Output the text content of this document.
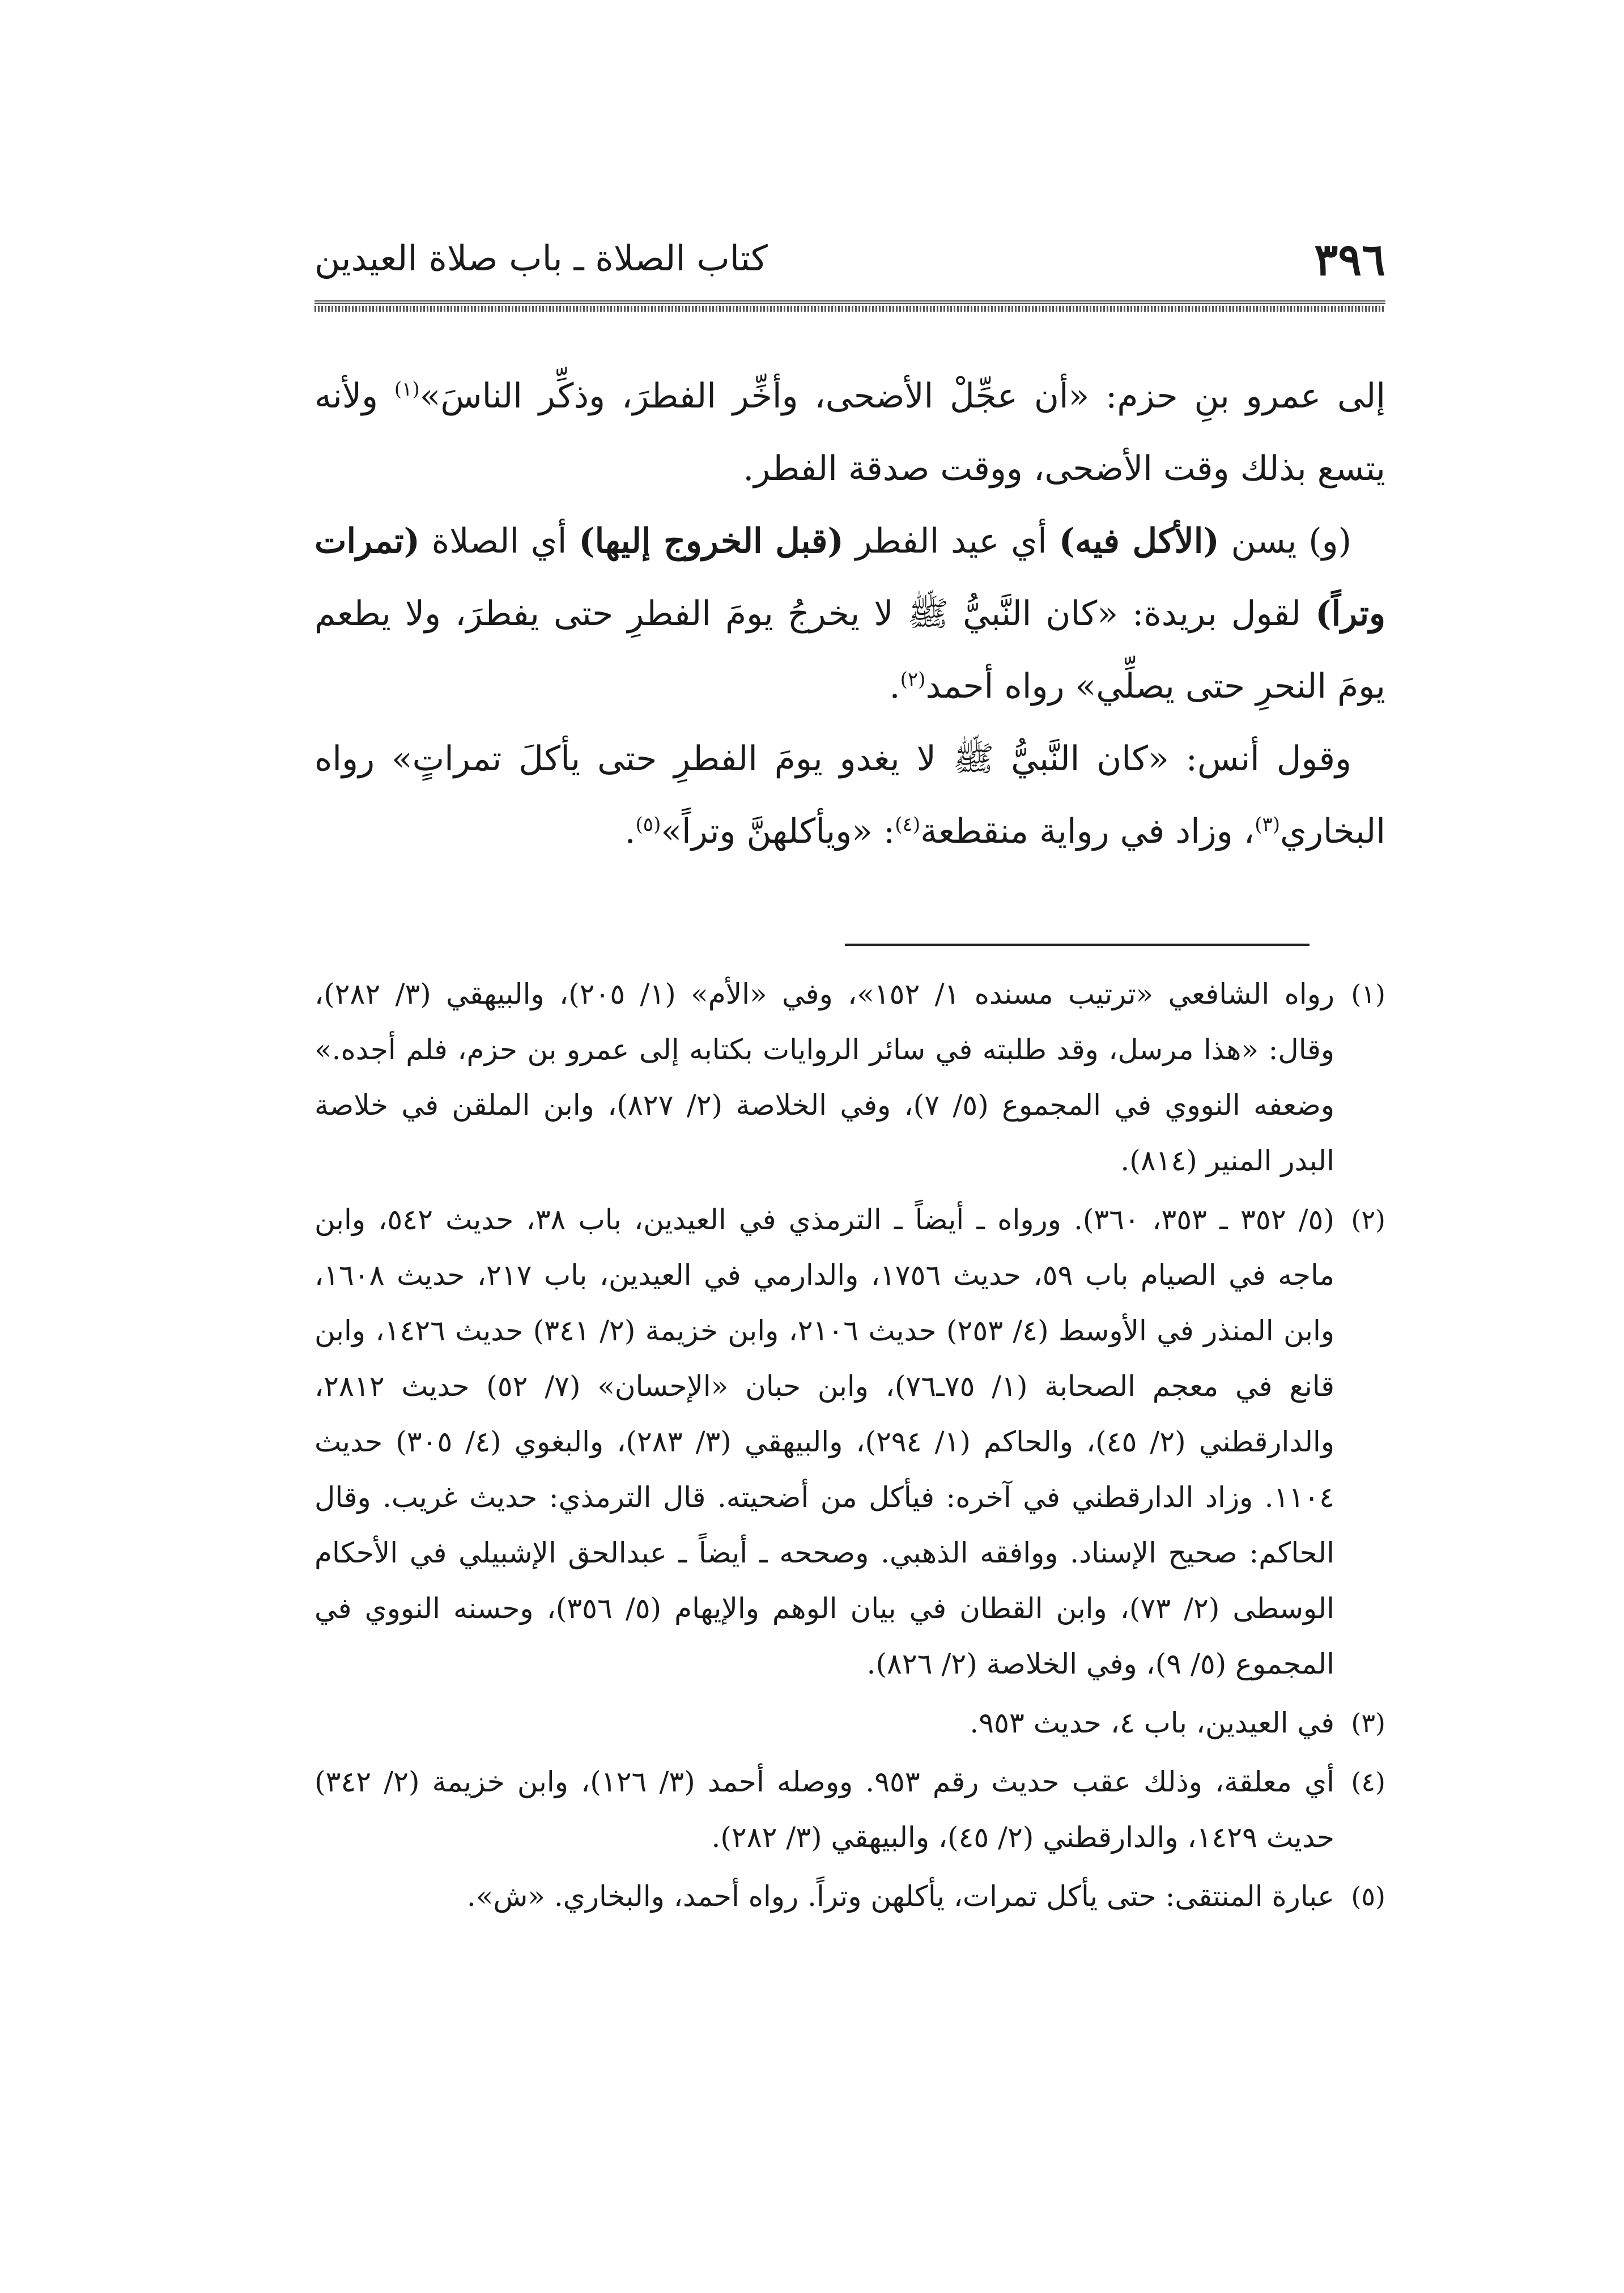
٣٩٦
كتاب الصلاة ـ باب صلاة العيدين

إلى عمرو بنِ حزم: «أن عجِّلْ الأضحى، وأخِّر الفطرَ، وذكِّر الناسَ»$^{(١)}$ ولأنه يتسع بذلك وقت الأضحى، ووقت صدقة الفطر.

(و) يسن (الأكل فيه) أي عيد الفطر (قبل الخروج إليها) أي الصلاة (تمرات وتراً) لقول بريدة: «كان النَّبيُّ ﷺ لا يخرجُ يومَ الفطرِ حتى يفطرَ، ولا يطعم يومَ النحرِ حتى يصلِّي» رواه أحمد$^{(٢)}$.

وقول أنس: «كان النَّبيُّ ﷺ لا يغدو يومَ الفطرِ حتى يأكلَ تمراتٍ» رواه البخاري$^{(٣)}$، وزاد في رواية منقطعة$^{(٤)}$: «ويأكلهنَّ وتراً»$^{(٥)}$.

(١)
رواه الشافعي «ترتيب مسنده ١/ ١٥٢»، وفي «الأم» (١/ ٢٠٥)، والبيهقي (٣/ ٢٨٢)، وقال: «هذا مرسل، وقد طلبته في سائر الروايات بكتابه إلى عمرو بن حزم، فلم أجده.» وضعفه النووي في المجموع (٥/ ٧)، وفي الخلاصة (٢/ ٨٢٧)، وابن الملقن في خلاصة البدر المنير (٨١٤).
(٢)
(٥/ ٣٥٢ ـ ٣٥٣، ٣٦٠). ورواه ـ أيضاً ـ الترمذي في العيدين، باب ٣٨، حديث ٥٤٢، وابن ماجه في الصيام باب ٥٩، حديث ١٧٥٦، والدارمي في العيدين، باب ٢١٧، حديث ١٦٠٨، وابن المنذر في الأوسط (٤/ ٢٥٣) حديث ٢١٠٦، وابن خزيمة (٢/ ٣٤١) حديث ١٤٢٦، وابن قانع في معجم الصحابة (١/ ٧٥ـ٧٦)، وابن حبان «الإحسان» (٧/ ٥٢) حديث ٢٨١٢، والدارقطني (٢/ ٤٥)، والحاكم (١/ ٢٩٤)، والبيهقي (٣/ ٢٨٣)، والبغوي (٤/ ٣٠٥) حديث ١١٠٤. وزاد الدارقطني في آخره: فيأكل من أضحيته. قال الترمذي: حديث غريب. وقال الحاكم: صحيح الإسناد. ووافقه الذهبي. وصححه ـ أيضاً ـ عبدالحق الإشبيلي في الأحكام الوسطى (٢/ ٧٣)، وابن القطان في بيان الوهم والإيهام (٥/ ٣٥٦)، وحسنه النووي في المجموع (٥/ ٩)، وفي الخلاصة (٢/ ٨٢٦).
(٣)
في العيدين، باب ٤، حديث ٩٥٣.
(٤)
أي معلقة، وذلك عقب حديث رقم ٩٥٣. ووصله أحمد (٣/ ١٢٦)، وابن خزيمة (٢/ ٣٤٢) حديث ١٤٢٩، والدارقطني (٢/ ٤٥)، والبيهقي (٣/ ٢٨٢).
(٥)
عبارة المنتقى: حتى يأكل تمرات، يأكلهن وتراً. رواه أحمد، والبخاري. «ش».
